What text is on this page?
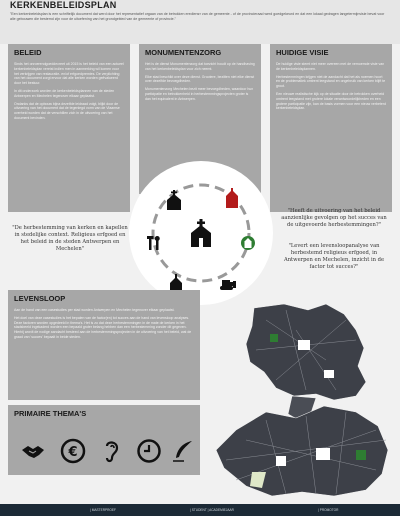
KERKENBELEIDSPLAN
"Een kerkenbeleidsplan is een schriftelijk document dat werd door het representatief orgaan van de betrokken erediensт van de gemeente - of de provincieraad werd goedgekeurd en dat een lokaal gedragen langetermijnvisie bevat voor alle gebouwen die bestemd zijn voor de uitoefening van het grondgebied van de gemeente of provincie."
BELEID

Sinds het onroerendgoeddecreet uit 2015 is het beleid van een actueel kerkenbeleidsplan vereist indien men in aanmerking wil komen voor het verkrijgen van restauratie- en/of erfgoedpremies. De verplichting van het document zorgt ervoor dat alle kerken worden geëvalueerd door het bestuur.

In dit onderzoek worden de kerkenbeleidsplannen van de steden Antwerpen en Mechelen tegenover elkaar geplaatst.

Ondanks dat de opbouw bijna dezelfde leidraad volgt, blijkt door de uitvoering van het document dat de tegenlegd vorm van de Vlaamse overheid worden dat de verschillen zich in de uitvoering van het document bevinden.

MONUMENTENZORG

Het is de dienst Monumentenzorg dat toezicht houdt op de handhaving van het kerkenbeleidsplan voor zich neemt.

Elke stad beschikt over deze dienst. Grootere, bezitten niet elke dienst over dezelfde bevoegdheden.

Monumentenzorg Mechelen bezit meer bevoegdheden, waardoor hun participatie en betrokkenheid in herbestemmingsprojecten groter is dan het equivalent in Antwerpen.

HUIDIGE VISIE

De huidige visie stemt niet meer overeen met de vernoemde visie van de kerkenbeleidsplannen.

Herbestemmingen krijgen niet de aandacht dat het als noemen hoort en de problematiek omtrent leegstand en ongebruik van kerken blijft te groot.

Een nieuwe realistische kijk op de situatie door de betrokken overheid omtrent leegstand met grotere lokale verantwoordelijkheden en een grotere participatie zijn, kan de basis vormen voor een nieuw verbeterd kerkenbeleidsplan.

"De herbestemming van kerken en kapellen in stedelijke context. Religieus erfgoed en het beleid in de steden Antwerpen en Mechelen"
"Heeft de uitvoering van het beleid aanzienlijke gevolgen op het succes van de uitgevoerde herbestemmingen?"
"Levert een levensloopanalyse van herbestemd religieus erfgoed, in Antwerpen en Mechelen, inzicht in de factor tot succes?"
LEVENSLOOP

Aan de hand van een casestudies per stad worden Antwerpen en Mechelen tegenover elkaar geplaatst.

Het doel van deze casestudies is het bepalen van de factor(en) tot succes aan de hand van levensloop analyses. Deze factoren worden opgedeeld in thema's. Het is zo dat deze herbestemmingen in de mate de kerken in het stadsbeeld ingekaderd worden een bepaald groter belang hebben dan een herbestemming zonder dit gegeven. Hierbij wordt de nodige aandacht besteed aan de herbestemmingsprojecten in de uitvoering van het beleid, wat de graad van 'succes' bepaalt in beide steden.

PRIMAIRE THEMA'S
€
| MASTERPROEF	| STUDENT | ACADEMIEJAAR	| PROMOTOR
